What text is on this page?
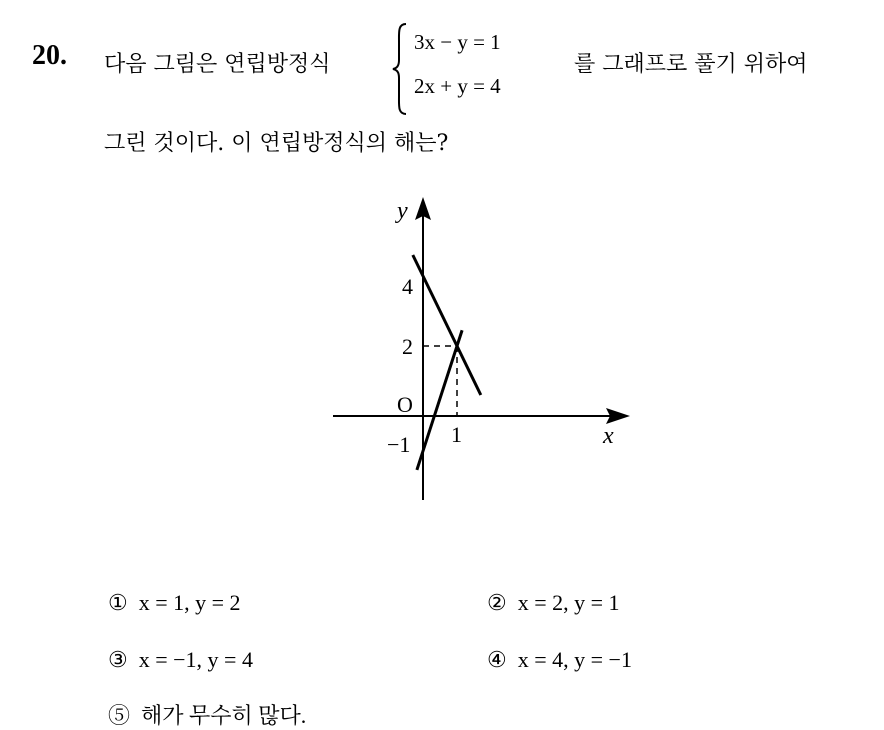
20. 다음 그림은 연립방정식
3x − y = 1
2x + y = 4
를 그래프로 풀기 위하여
그린 것이다. 이 연립방정식의 해는?
y
x
O
4
2
−1 1
① x = 1, y = 2	② x = 2, y = 1
③ x = −1, y = 4	④ x = 4, y = −1
⑤ 해가 무수히 많다.
